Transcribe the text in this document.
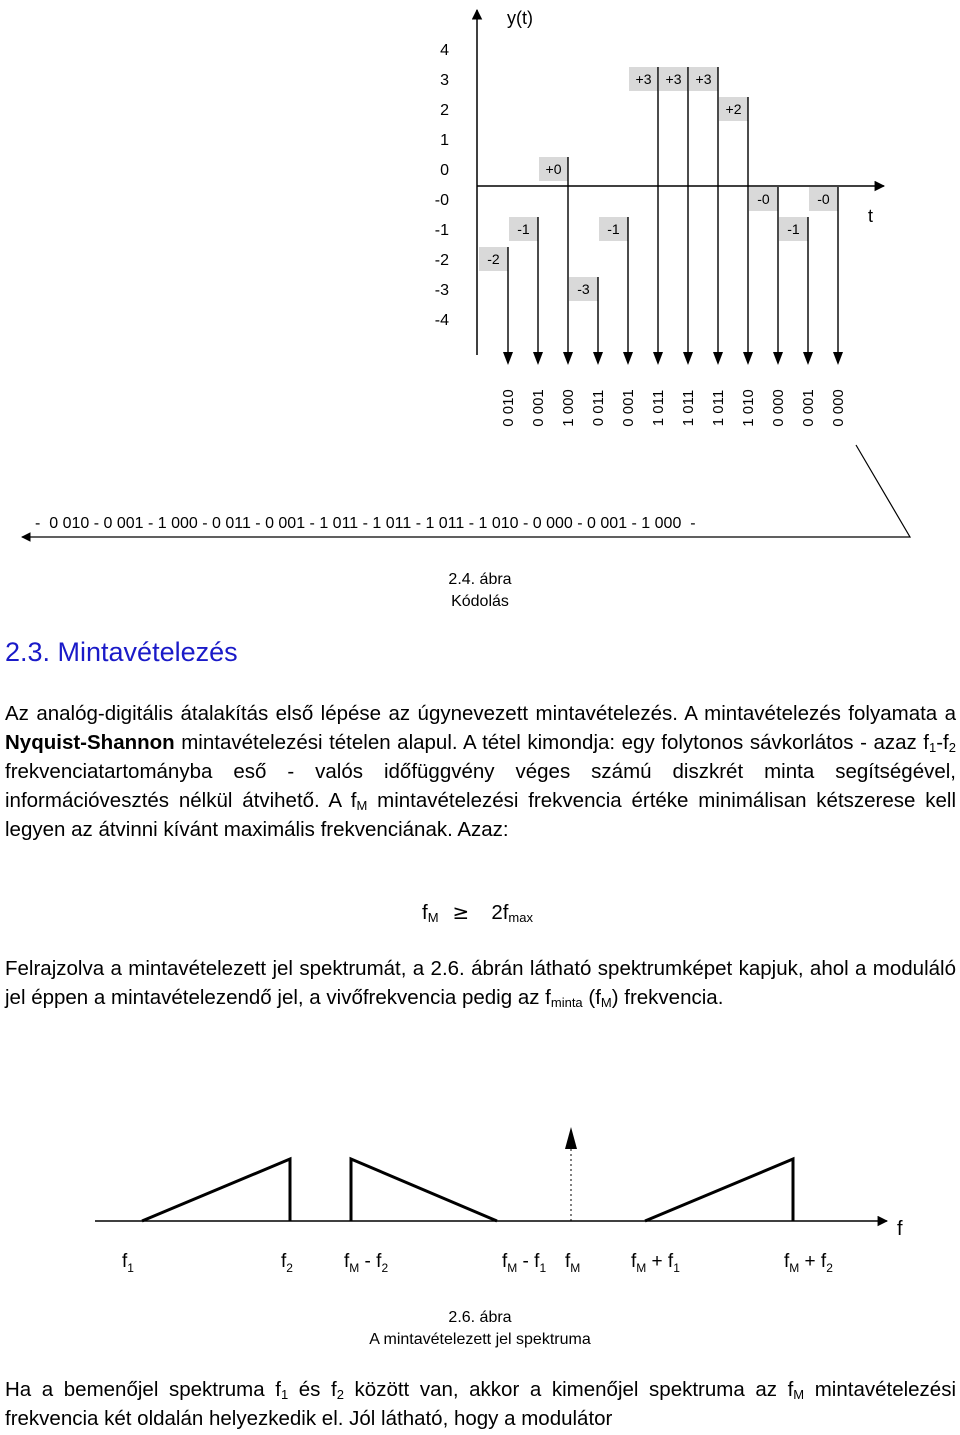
y(t)
t
4
3
2
1
0
-0
-1
-2
-3
-4
-2
-1
+0
-3
-1
+3 +3 +3
+2
-0
-1
-0
0 010 0 001 1 000 0 011 0 001 1 011 1 011 1 011 1 010 0 000 0 001 0 000
-  0 010 - 0 001 - 1 000 - 0 011 - 0 001 - 1 011 - 1 011 - 1 011 - 1 010 - 0 000 - 0 001 - 1 000  -
2.4. ábra
Kódolás
2.3. Mintavételezés

Az analóg-digitális átalakítás első lépése az úgynevezett mintavételezés. A mintavételezés folyamata a Nyquist-Shannon mintavételezési tételen alapul. A tétel kimondja: egy folytonos sávkorlátos - azaz $f_1-f_2$ frekvenciatartományba eső - valós időfüggvény véges számú diszkrét minta segítségével, információvesztés nélkül átvihető. A $f_M$ mintavételezési frekvencia értéke minimálisan kétszerese kell legyen az átvinni kívánt maximális frekvenciának. Azaz:

$f_M \ge 2f_{max}$

Felrajzolva a mintavételezett jel spektrumát, a 2.6. ábrán látható spektrumképet kapjuk, ahol a moduláló jel éppen a mintavételezendő jel, a vivőfrekvencia pedig az $f_{minta}$ $(f_M)$ frekvencia.

f
$f_1$	$f_2$	$f_M - f_2$	$f_M - f_1$ $f_M$	$f_M + f_1$	$f_M + f_2$
2.6. ábra
A mintavételezett jel spektruma

Ha a bemenőjel spektruma $f_1$ és $f_2$ között van, akkor a kimenőjel spektruma az $f_M$ mintavételezési frekvencia két oldalán helyezkedik el. Jól látható, hogy a modulátor
